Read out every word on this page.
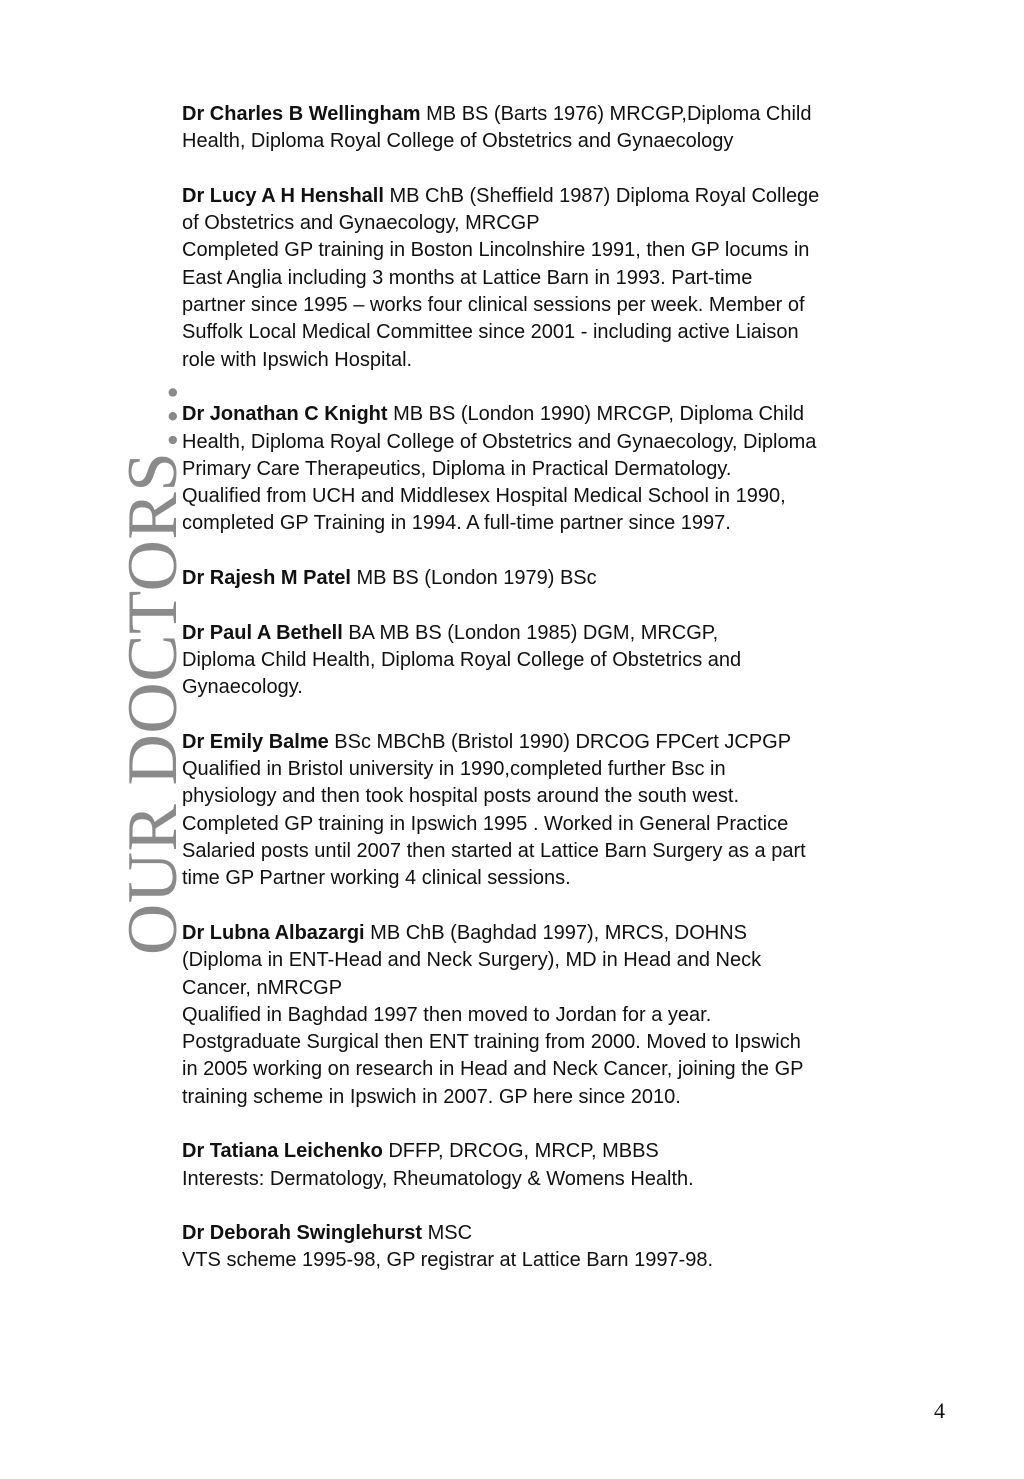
OUR DOCTORS…
Dr Charles B Wellingham MB BS (Barts 1976) MRCGP,Diploma Child
Health, Diploma Royal College of Obstetrics and Gynaecology
Dr Lucy A H Henshall MB ChB (Sheffield 1987) Diploma Royal College
of Obstetrics and Gynaecology, MRCGP
Completed GP training in Boston Lincolnshire 1991, then GP locums in
East Anglia including 3 months at Lattice Barn in 1993. Part-time
partner since 1995 – works four clinical sessions per week. Member of
Suffolk Local Medical Committee since 2001 - including active Liaison
role with Ipswich Hospital.
Dr Jonathan C Knight MB BS (London 1990) MRCGP, Diploma Child
Health, Diploma Royal College of Obstetrics and Gynaecology, Diploma
Primary Care Therapeutics, Diploma in Practical Dermatology.
Qualified from UCH and Middlesex Hospital Medical School in 1990,
completed GP Training in 1994. A full-time partner since 1997.
Dr Rajesh M Patel MB BS (London 1979) BSc
Dr Paul A Bethell BA MB BS (London 1985) DGM, MRCGP,
Diploma Child Health, Diploma Royal College of Obstetrics and
Gynaecology.
Dr Emily Balme BSc MBChB (Bristol 1990) DRCOG FPCert JCPGP
Qualified in Bristol university in 1990,completed further Bsc in
physiology and then took hospital posts around the south west.
Completed GP training in Ipswich 1995 . Worked in General Practice
Salaried posts until 2007 then started at Lattice Barn Surgery as a part
time GP Partner working 4 clinical sessions.
Dr Lubna Albazargi MB ChB (Baghdad 1997), MRCS, DOHNS
(Diploma in ENT-Head and Neck Surgery), MD in Head and Neck
Cancer, nMRCGP
Qualified in Baghdad 1997 then moved to Jordan for a year.
Postgraduate Surgical then ENT training from 2000. Moved to Ipswich
in 2005 working on research in Head and Neck Cancer, joining the GP
training scheme in Ipswich in 2007. GP here since 2010.
Dr Tatiana Leichenko DFFP, DRCOG, MRCP, MBBS
Interests: Dermatology, Rheumatology & Womens Health.
Dr Deborah Swinglehurst MSC
VTS scheme 1995-98, GP registrar at Lattice Barn 1997-98.
4
